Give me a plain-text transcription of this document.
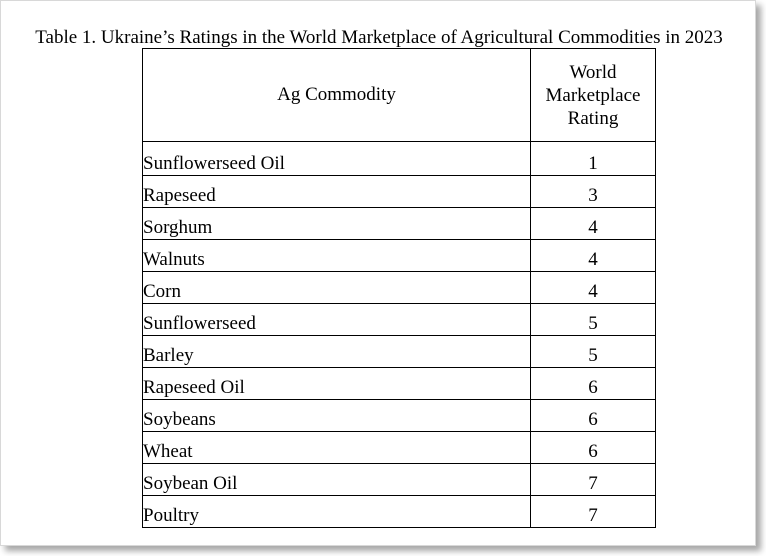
Table 1. Ukraine’s Ratings in the World Marketplace of Agricultural Commodities in 2023
Ag Commodity	World
Marketplace
Rating

Sunflowerseed Oil	1
Rapeseed	3
Sorghum	4
Walnuts	4
Corn	4
Sunflowerseed	5
Barley	5
Rapeseed Oil	6
Soybeans	6
Wheat	6
Soybean Oil	7
Poultry	7
